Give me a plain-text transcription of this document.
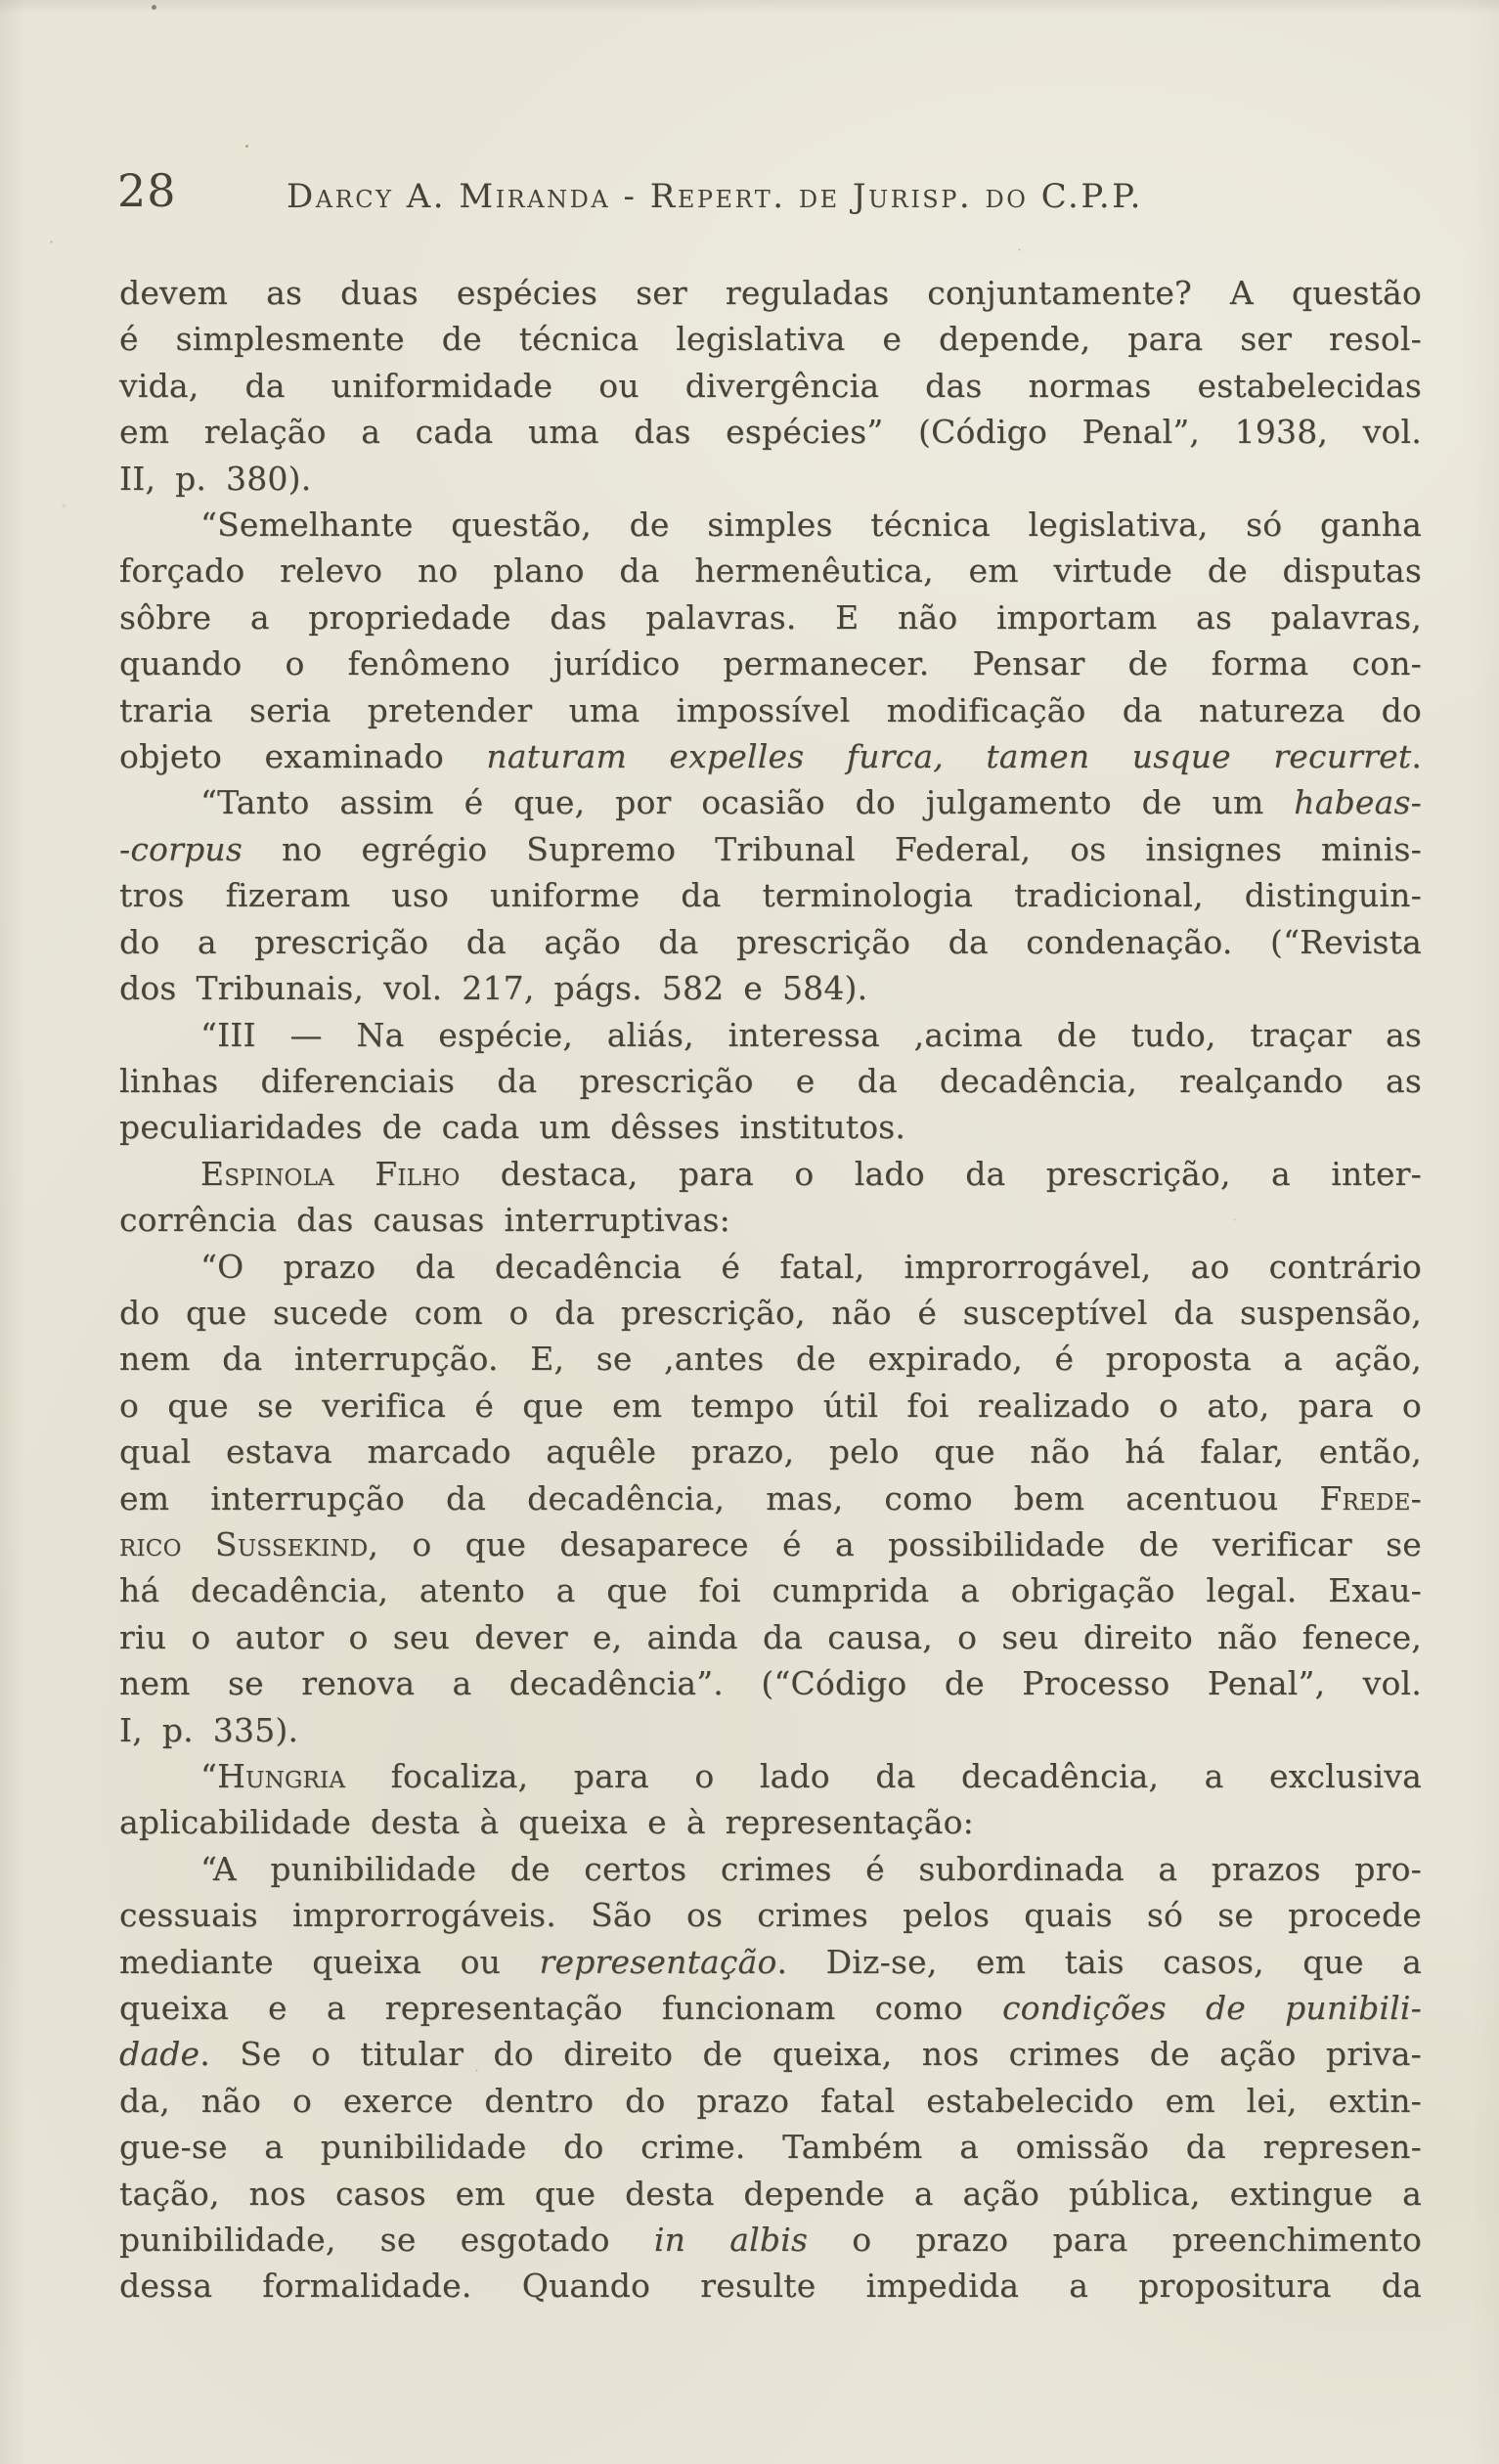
28	Darcy A. Miranda - Repert. de Jurisp. do C.P.P.
devem as duas espécies ser reguladas conjuntamente? A questão
é simplesmente de técnica legislativa e depende, para ser resol-
vida, da uniformidade ou divergência das normas estabelecidas
em relação a cada uma das espécies” (Código Penal”, 1938, vol.
II, p. 380).
“Semelhante questão, de simples técnica legislativa, só ganha
forçado relevo no plano da hermenêutica, em virtude de disputas
sôbre a propriedade das palavras. E não importam as palavras,
quando o fenômeno jurídico permanecer. Pensar de forma con-
traria seria pretender uma impossível modificação da natureza do
objeto examinado naturam expelles furca, tamen usque recurret.
“Tanto assim é que, por ocasião do julgamento de um habeas-
-corpus no egrégio Supremo Tribunal Federal, os insignes minis-
tros fizeram uso uniforme da terminologia tradicional, distinguin-
do a prescrição da ação da prescrição da condenação. (“Revista
dos Tribunais, vol. 217, págs. 582 e 584).
“III — Na espécie, aliás, interessa ,acima de tudo, traçar as
linhas diferenciais da prescrição e da decadência, realçando as
peculiaridades de cada um dêsses institutos.
Espinola Filho destaca, para o lado da prescrição, a inter-
corrência das causas interruptivas:
“O prazo da decadência é fatal, improrrogável, ao contrário
do que sucede com o da prescrição, não é susceptível da suspensão,
nem da interrupção. E, se ,antes de expirado, é proposta a ação,
o que se verifica é que em tempo útil foi realizado o ato, para o
qual estava marcado aquêle prazo, pelo que não há falar, então,
em interrupção da decadência, mas, como bem acentuou Frede-
rico Sussekind, o que desaparece é a possibilidade de verificar se
há decadência, atento a que foi cumprida a obrigação legal. Exau-
riu o autor o seu dever e, ainda da causa, o seu direito não fenece,
nem se renova a decadência”. (“Código de Processo Penal”, vol.
I, p. 335).
“Hungria focaliza, para o lado da decadência, a exclusiva
aplicabilidade desta à queixa e à representação:
“A punibilidade de certos crimes é subordinada a prazos pro-
cessuais improrrogáveis. São os crimes pelos quais só se procede
mediante queixa ou representação. Diz-se, em tais casos, que a
queixa e a representação funcionam como condições de punibili-
dade. Se o titular do direito de queixa, nos crimes de ação priva-
da, não o exerce dentro do prazo fatal estabelecido em lei, extin-
gue-se a punibilidade do crime. Também a omissão da represen-
tação, nos casos em que desta depende a ação pública, extingue a
punibilidade, se esgotado in albis o prazo para preenchimento
dessa formalidade. Quando resulte impedida a propositura da
